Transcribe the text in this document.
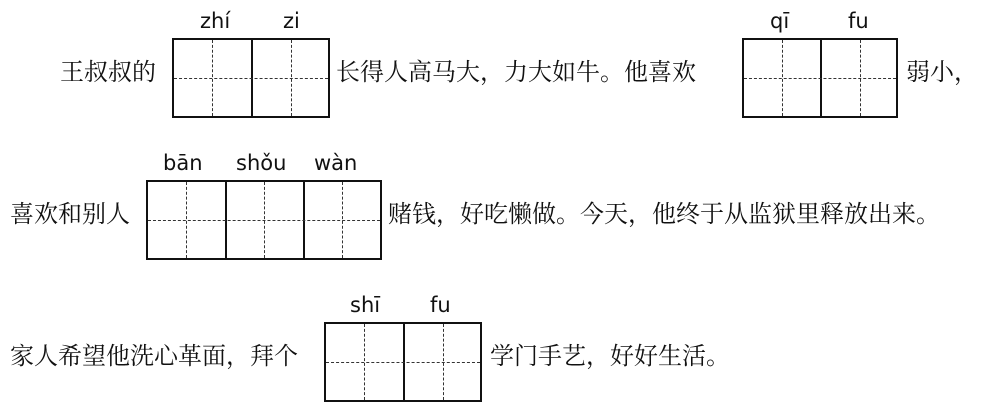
zhí	zi
王叔叔的	长得人高马大，力大如牛。他喜欢
qī	fu
弱小，
bān shǒu wàn
喜欢和别人	赌钱，好吃懒做。今天，他终于从监狱里释放出来。
shī fu
家人希望他洗心革面，拜个	学门手艺，好好生活。
